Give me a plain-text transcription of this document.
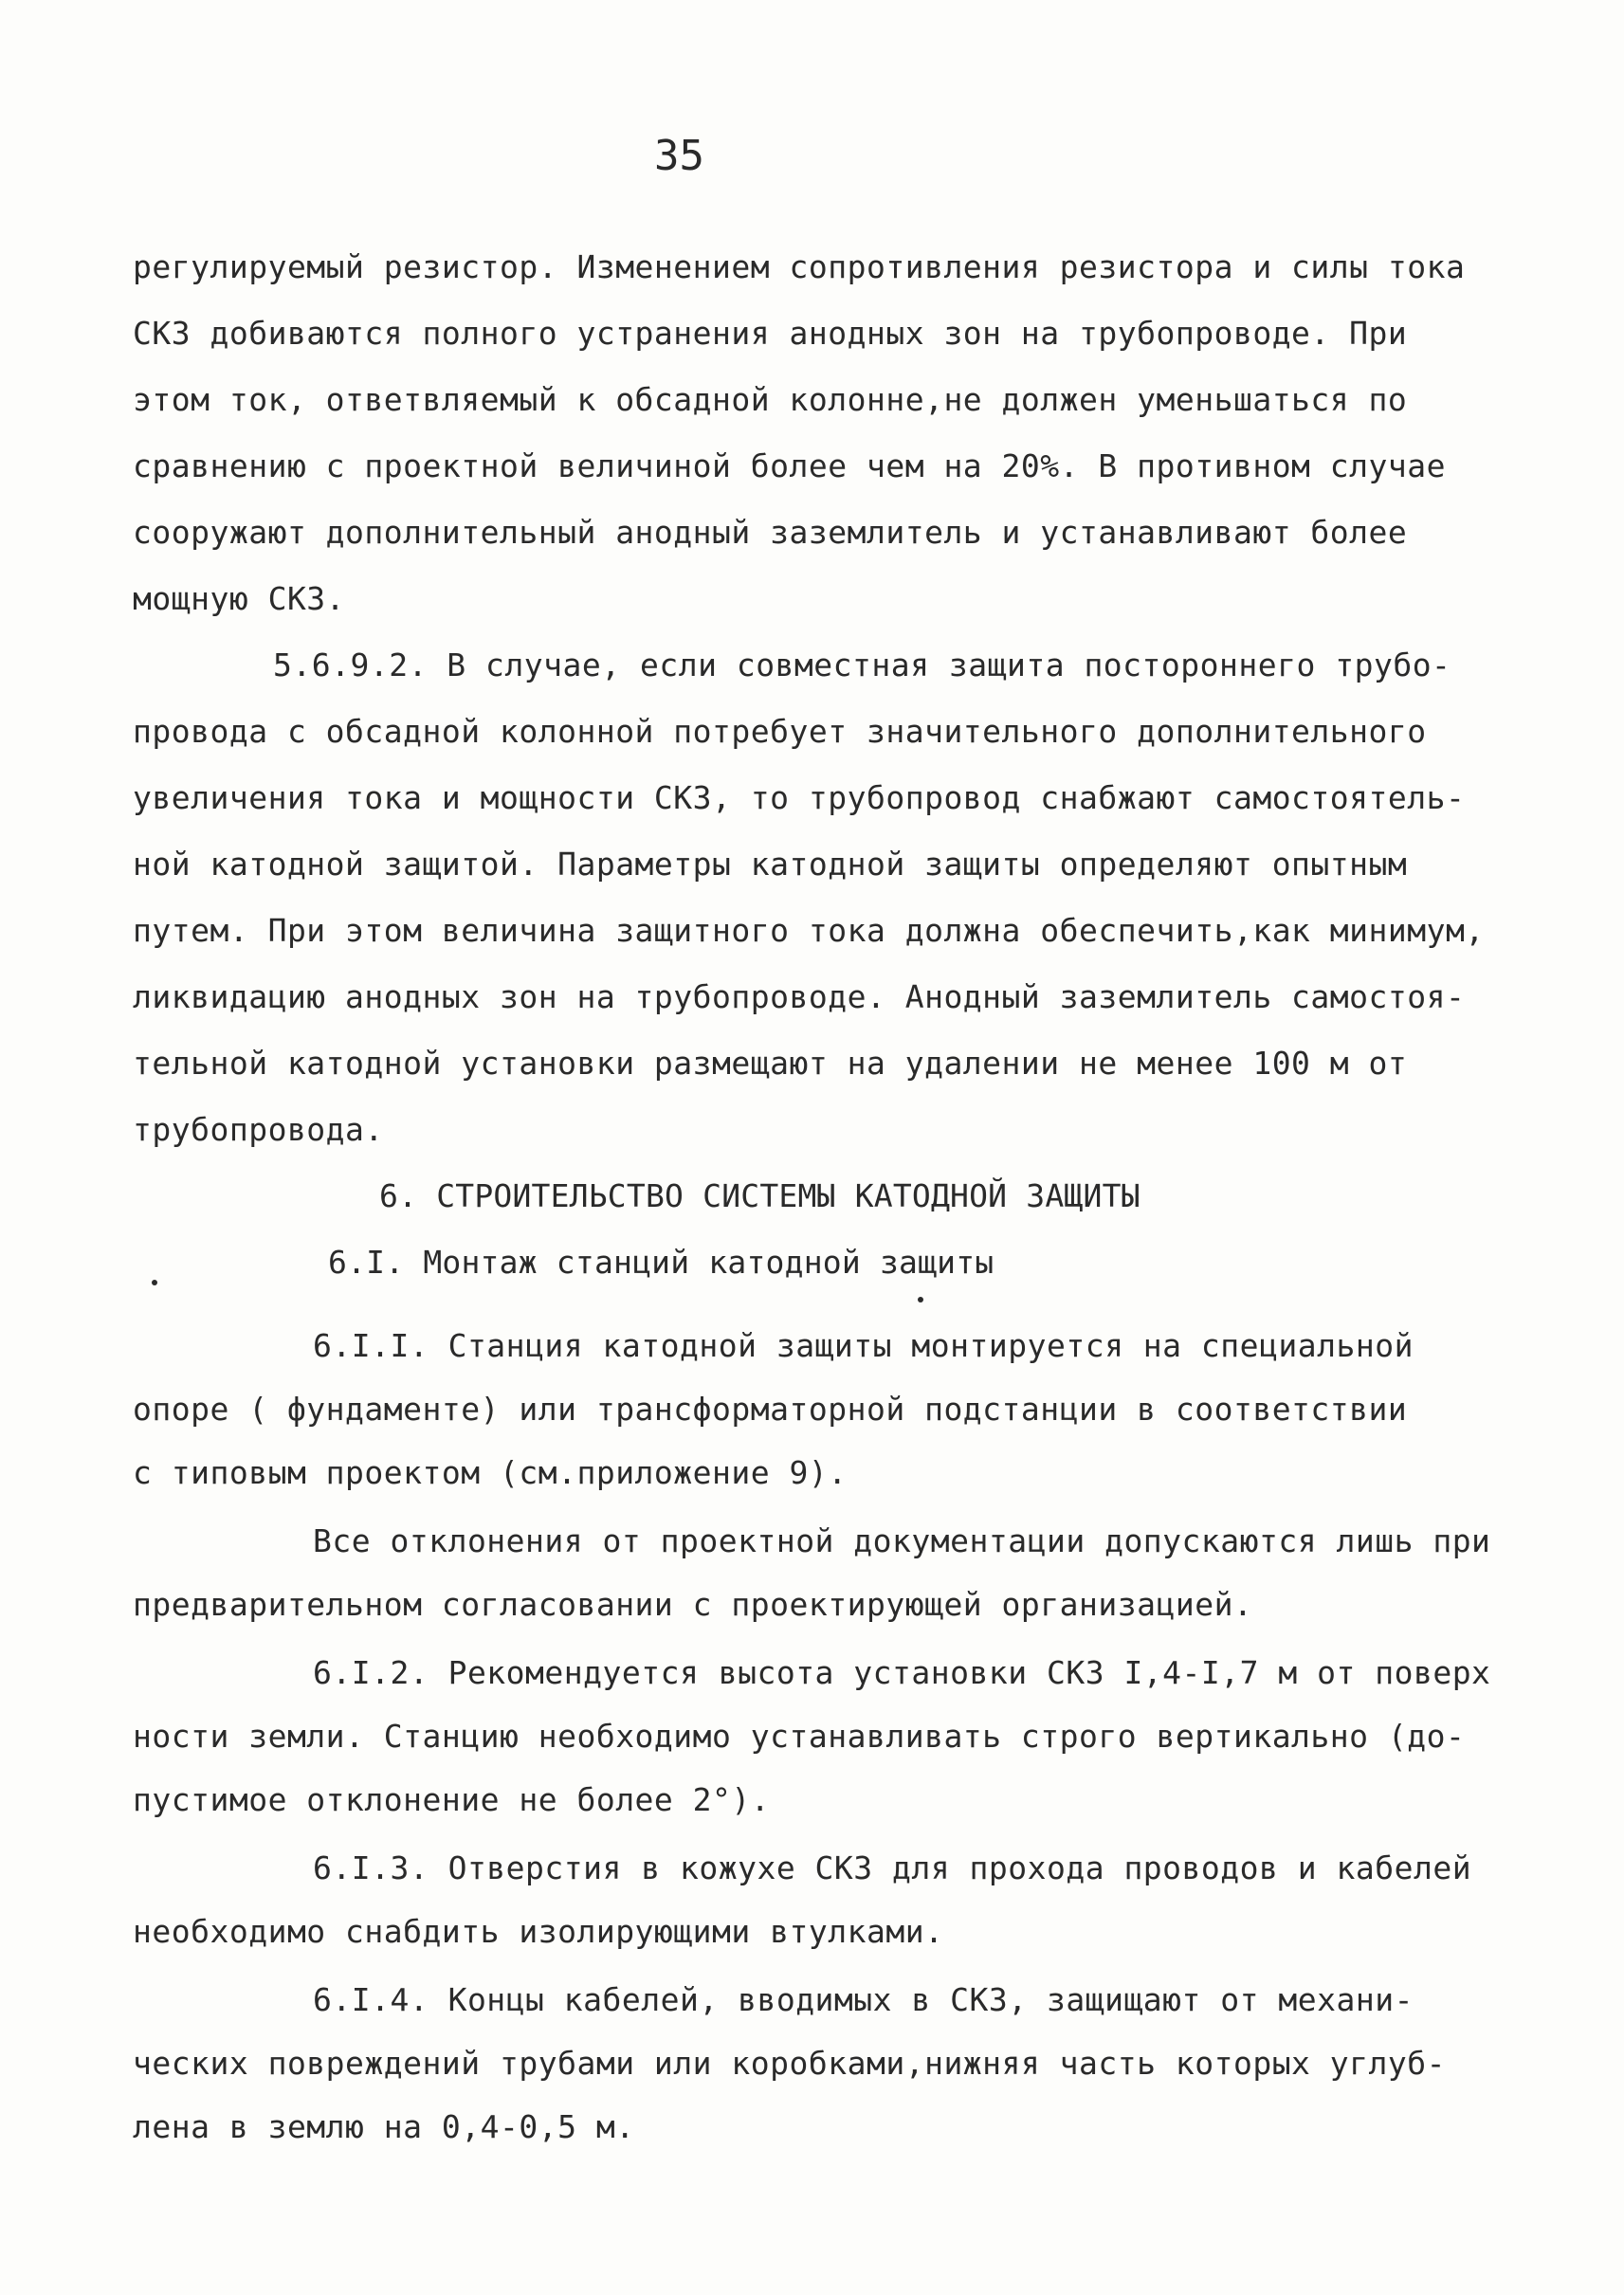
35
регулируемый резистор. Изменением сопротивления резистора и силы тока
СКЗ добиваются полного устранения анодных зон на трубопроводе. При
этом ток, ответвляемый к обсадной колонне,не должен уменьшаться по
сравнению с проектной величиной более чем на 20%. В противном случае
сооружают дополнительный анодный заземлитель и устанавливают более
мощную СКЗ.
5.6.9.2. В случае, если совместная защита постороннего трубо-
провода с обсадной колонной потребует значительного дополнительного
увеличения тока и мощности СКЗ, то трубопровод снабжают самостоятель-
ной катодной защитой. Параметры катодной защиты определяют опытным
путем. При этом величина защитного тока должна обеспечить,как минимум,
ликвидацию анодных зон на трубопроводе. Анодный заземлитель самостоя-
тельной катодной установки размещают на удалении не менее 100 м от
трубопровода.
6. СТРОИТЕЛЬСТВО СИСТЕМЫ КАТОДНОЙ ЗАЩИТЫ
6.I. Монтаж станций катодной защиты
6.I.I. Станция катодной защиты монтируется на специальной
опоре ( фундаменте) или трансформаторной подстанции в соответствии
с типовым проектом (см.приложение 9).
Все отклонения от проектной документации допускаются лишь при
предварительном согласовании с проектирующей организацией.
6.I.2. Рекомендуется высота установки СКЗ I,4-I,7 м от поверх
ности земли. Станцию необходимо устанавливать строго вертикально (до-
пустимое отклонение не более 2°).
6.I.3. Отверстия в кожухе СКЗ для прохода проводов и кабелей
необходимо снабдить изолирующими втулками.
6.I.4. Концы кабелей, вводимых в СКЗ, защищают от механи-
ческих повреждений трубами или коробками,нижняя часть которых углуб-
лена в землю на 0,4-0,5 м.
